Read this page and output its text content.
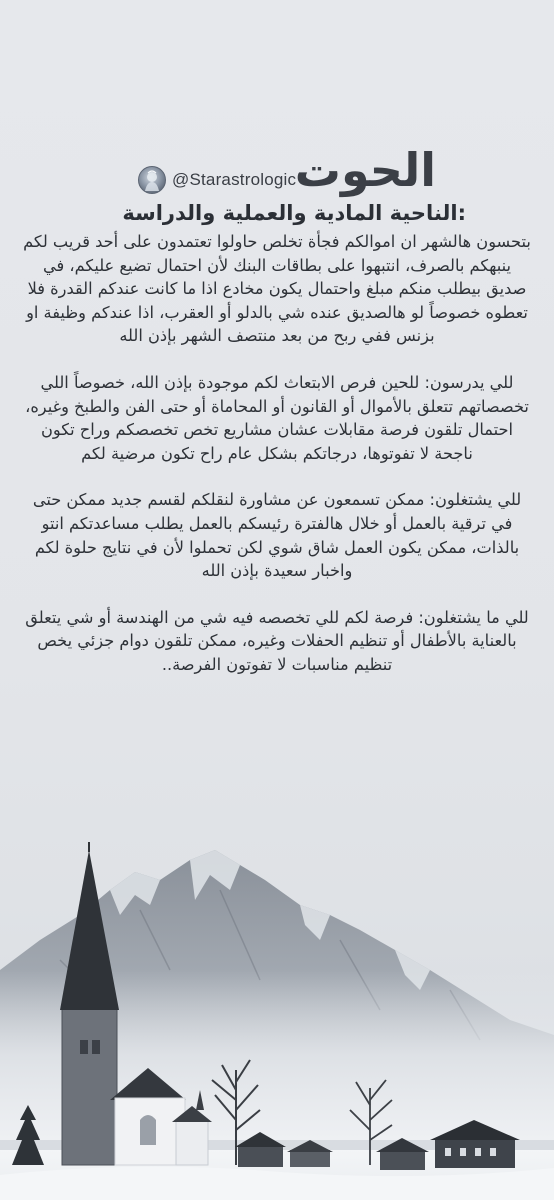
@Starastrologic
الحوت
:الناحية المادية والعملية والدراسة

بتحسون هالشهر ان اموالكم فجأة تخلص حاولوا تعتمدون على أحد قريب لكم ينبهكم بالصرف، انتبهوا على بطاقات البنك لأن احتمال تضيع عليكم، في صديق بيطلب منكم مبلغ واحتمال يكون مخادع اذا ما كانت عندكم القدرة فلا تعطوه خصوصاً لو هالصديق عنده شي بالدلو أو العقرب، اذا عندكم وظيفة او بزنس ففي ربح من بعد منتصف الشهر بإذن الله

للي يدرسون: للحين فرص الابتعاث لكم موجودة بإذن الله، خصوصاً اللي تخصصاتهم تتعلق بالأموال أو القانون أو المحاماة أو حتى الفن والطبخ وغيره، احتمال تلقون فرصة مقابلات عشان مشاريع تخص تخصصكم وراح تكون ناجحة لا تفوتوها، درجاتكم بشكل عام راح تكون مرضية لكم

للي يشتغلون: ممكن تسمعون عن مشاورة لنقلكم لقسم جديد ممكن حتى في ترقية بالعمل أو خلال هالفترة رئيسكم بالعمل يطلب مساعدتكم انتو بالذات، ممكن يكون العمل شاق شوي لكن تحملوا لأن في نتايج حلوة لكم واخبار سعيدة بإذن الله

للي ما يشتغلون: فرصة لكم للي تخصصه فيه شي من الهندسة أو شي يتعلق بالعناية بالأطفال أو تنظيم الحفلات وغيره، ممكن تلقون دوام جزئي يخص تنظيم مناسبات لا تفوتون الفرصة..
